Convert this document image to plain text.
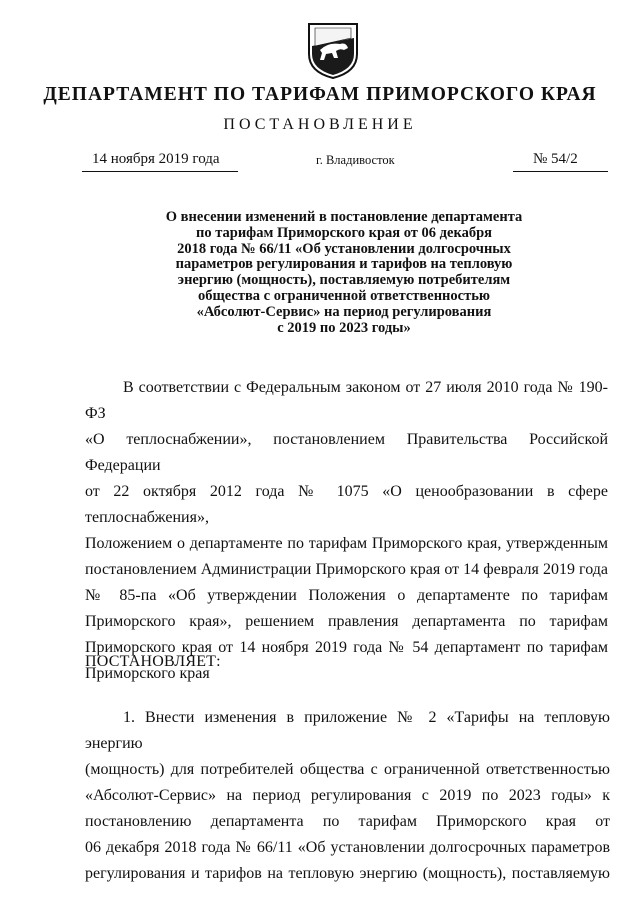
ДЕПАРТАМЕНТ ПО ТАРИФАМ ПРИМОРСКОГО КРАЯ
ПОСТАНОВЛЕНИЕ
14 ноября 2019 года	г. Владивосток	№ 54/2
О внесении изменений в постановление департамента
по тарифам Приморского края от 06 декабря
2018 года № 66/11 «Об установлении долгосрочных
параметров регулирования и тарифов на тепловую
энергию (мощность), поставляемую потребителям
общества с ограниченной ответственностью
«Абсолют-Сервис» на период регулирования
с 2019 по 2023 годы»
В соответствии с Федеральным законом от 27 июля 2010 года № 190-ФЗ
«О теплоснабжении», постановлением Правительства Российской Федерации
от 22 октября 2012 года № 1075 «О ценообразовании в сфере теплоснабжения»,
Положением о департаменте по тарифам Приморского края, утвержденным
постановлением Администрации Приморского края от 14 февраля 2019 года
№ 85-па «Об утверждении Положения о департаменте по тарифам
Приморского края», решением правления департамента по тарифам
Приморского края от 14 ноября 2019 года № 54 департамент по тарифам
Приморского края
ПОСТАНОВЛЯЕТ:
1. Внести изменения в приложение № 2 «Тарифы на тепловую энергию
(мощность) для потребителей общества с ограниченной ответственностью
«Абсолют-Сервис» на период регулирования с 2019 по 2023 годы» к
постановлению департамента по тарифам Приморского края от
06 декабря 2018 года № 66/11 «Об установлении долгосрочных параметров
регулирования и тарифов на тепловую энергию (мощность), поставляемую
